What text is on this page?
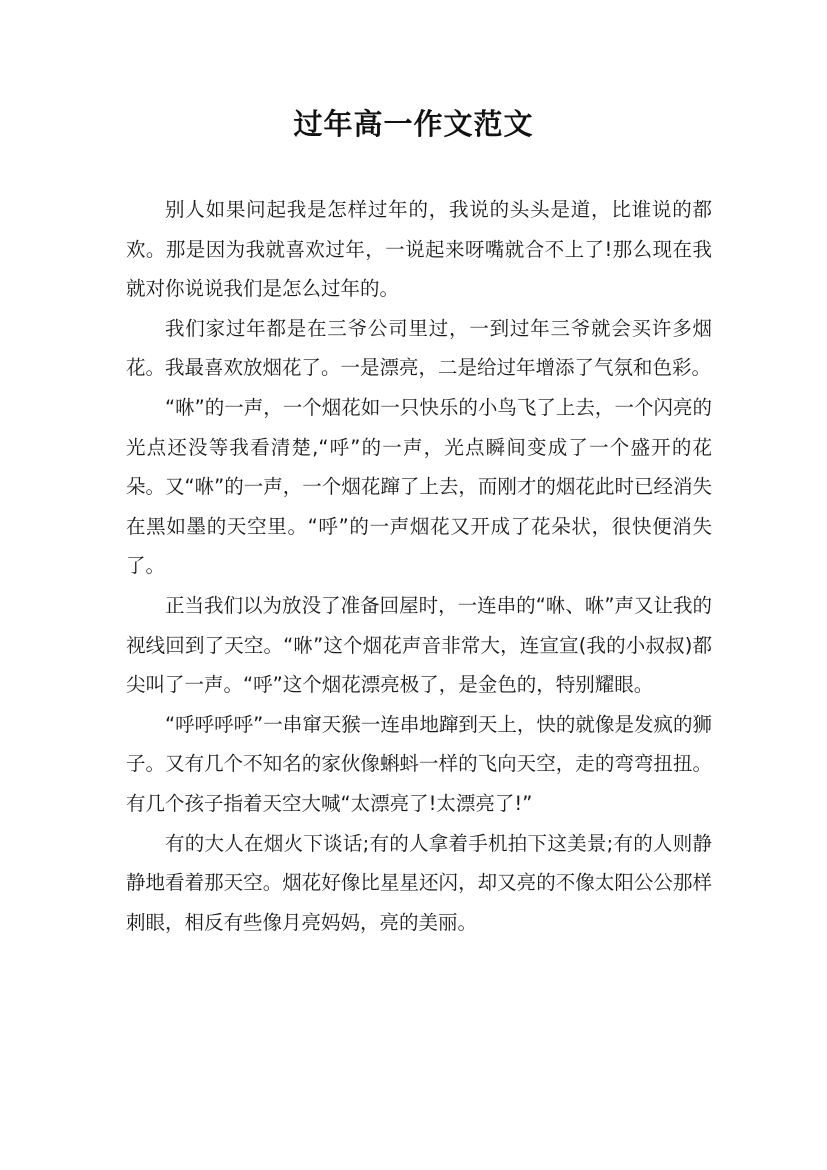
过年高一作文范文

别人如果问起我是怎样过年的，我说的头头是道，比谁说的都欢。那是因为我就喜欢过年，一说起来呀嘴就合不上了!那么现在我就对你说说我们是怎么过年的。

我们家过年都是在三爷公司里过，一到过年三爷就会买许多烟花。我最喜欢放烟花了。一是漂亮，二是给过年增添了气氛和色彩。

“咻”的一声，一个烟花如一只快乐的小鸟飞了上去，一个闪亮的光点还没等我看清楚,“呼”的一声，光点瞬间变成了一个盛开的花朵。又“咻”的一声，一个烟花蹿了上去，而刚才的烟花此时已经消失在黑如墨的天空里。“呼”的一声烟花又开成了花朵状，很快便消失了。

正当我们以为放没了准备回屋时，一连串的“咻、咻”声又让我的视线回到了天空。“咻”这个烟花声音非常大，连宣宣(我的小叔叔)都尖叫了一声。“呼”这个烟花漂亮极了，是金色的，特别耀眼。

“呼呼呼呼”一串窜天猴一连串地蹿到天上，快的就像是发疯的狮子。又有几个不知名的家伙像蝌蚪一样的飞向天空，走的弯弯扭扭。有几个孩子指着天空大喊“太漂亮了!太漂亮了!”

有的大人在烟火下谈话;有的人拿着手机拍下这美景;有的人则静静地看着那天空。烟花好像比星星还闪，却又亮的不像太阳公公那样刺眼，相反有些像月亮妈妈，亮的美丽。
